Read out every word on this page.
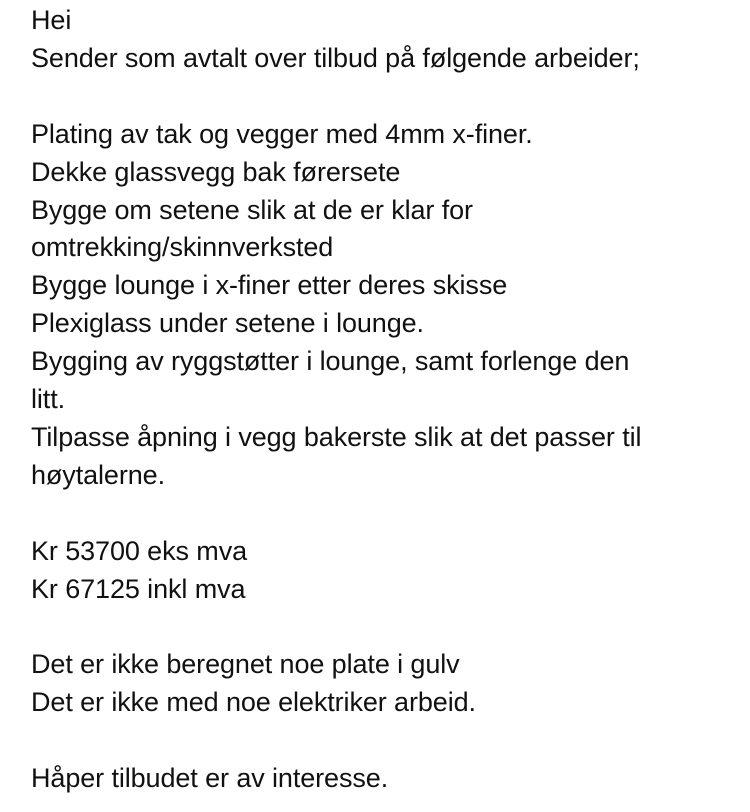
Hei

Sender som avtalt over tilbud på følgende arbeider;

Plating av tak og vegger med 4mm x-finer.

Dekke glassvegg bak førersete

Bygge om setene slik at de er klar for

omtrekking/skinnverksted

Bygge lounge i x-finer etter deres skisse

Plexiglass under setene i lounge.

Bygging av ryggstøtter i lounge, samt forlenge den

litt.

Tilpasse åpning i vegg bakerste slik at det passer til

høytalerne.

Kr 53700 eks mva

Kr 67125 inkl mva

Det er ikke beregnet noe plate i gulv

Det er ikke med noe elektriker arbeid.

Håper tilbudet er av interesse.
